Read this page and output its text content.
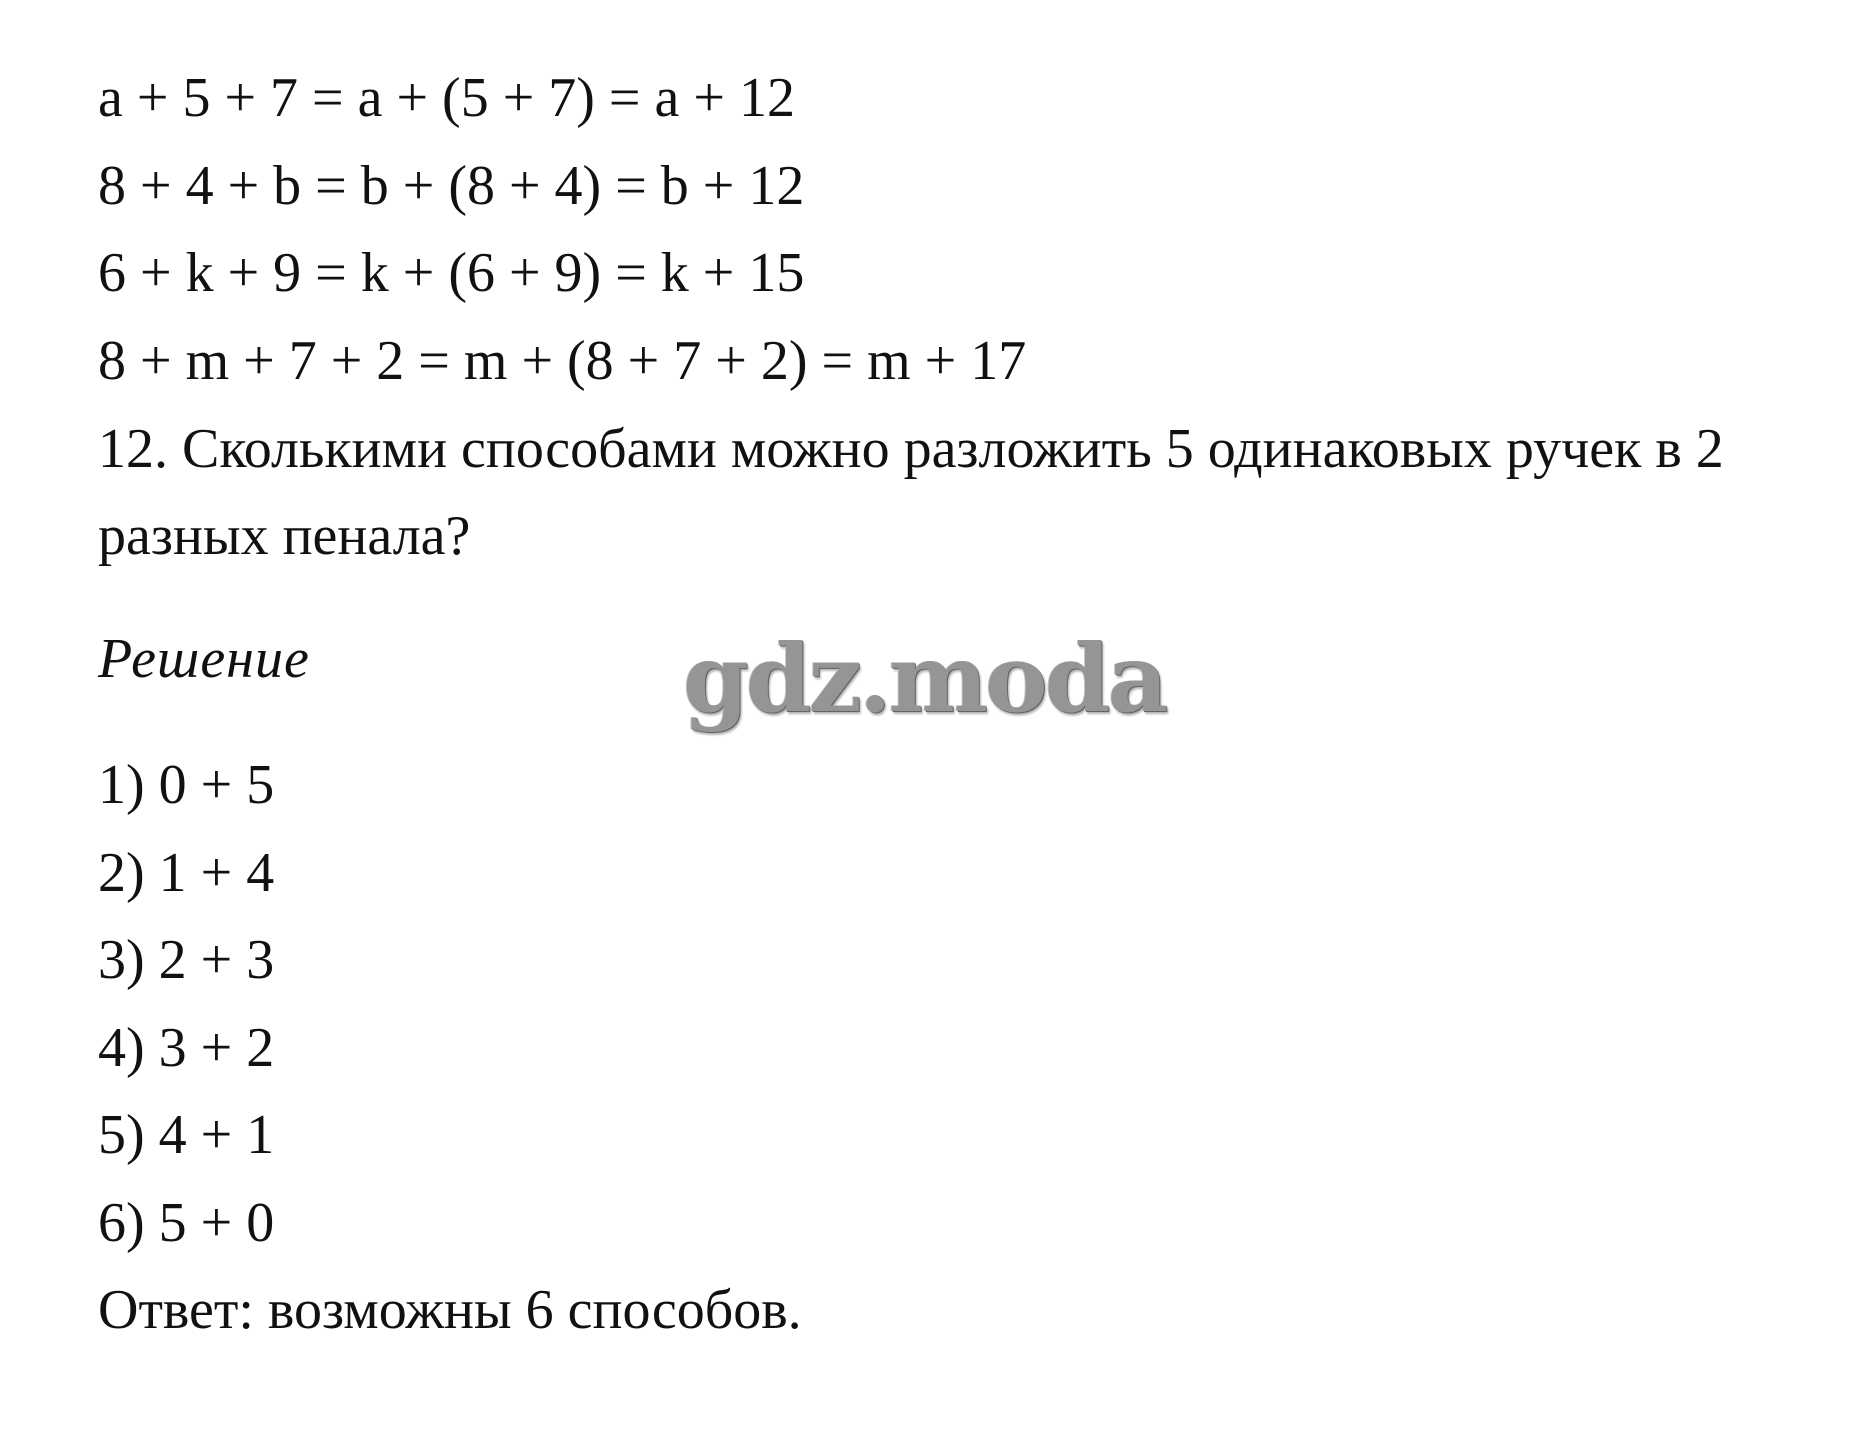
a + 5 + 7 = a + (5 + 7) = a + 12
8 + 4 + b = b + (8 + 4) = b + 12
6 + k + 9 = k + (6 + 9) = k + 15
8 + m + 7 + 2 = m + (8 + 7 + 2) = m + 17
12. Сколькими способами можно разложить 5 одинаковых ручек в 2
разных пенала?
Решение	gdz.moda
1) 0 + 5
2) 1 + 4
3) 2 + 3
4) 3 + 2
5) 4 + 1
6) 5 + 0
Ответ: возможны 6 способов.
